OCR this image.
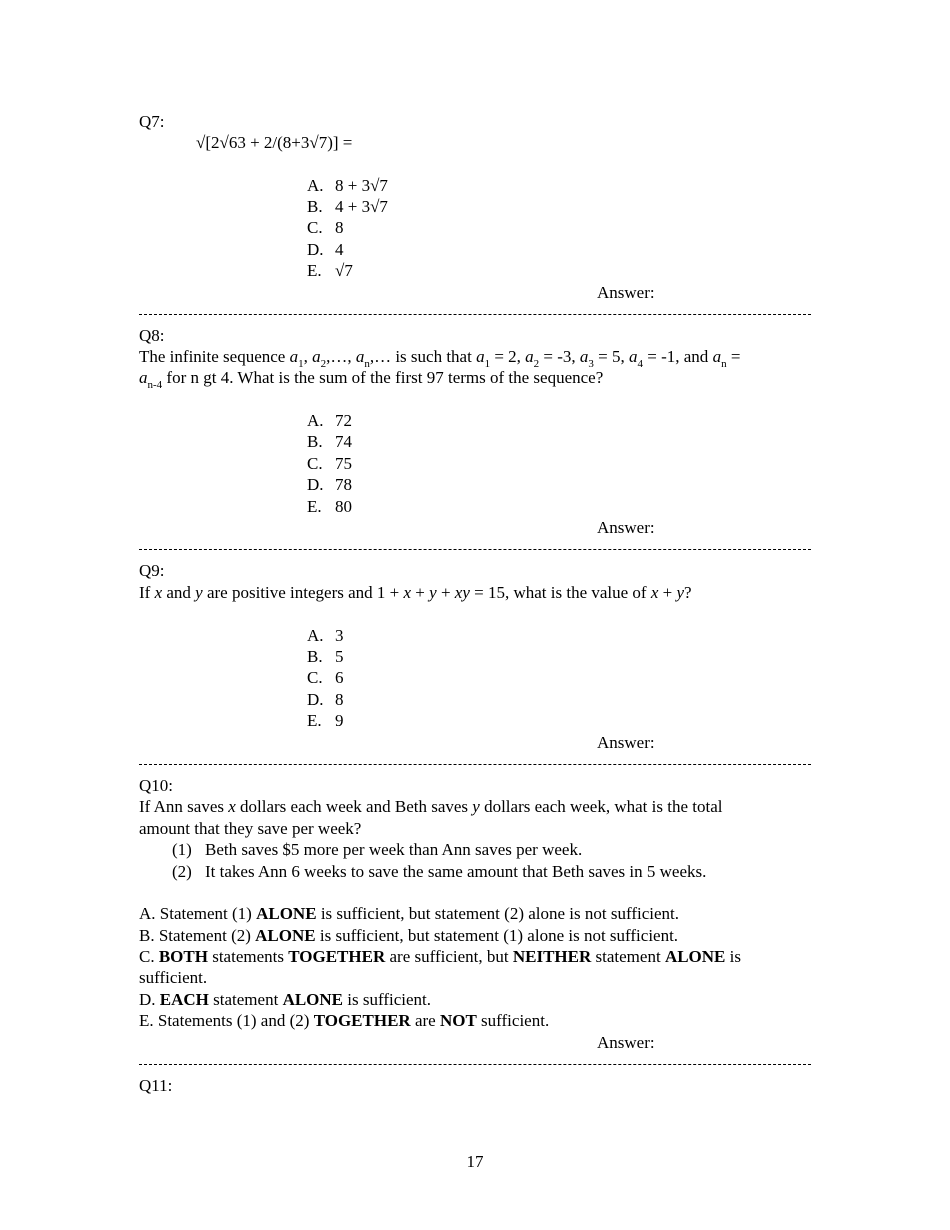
Q7:
√[2√63 + 2/(8+3√7)] =
A. 8 + 3√7
B. 4 + 3√7
C. 8
D. 4
E. √7
Answer:
Q8:
The infinite sequence $a_1$, $a_2,\dots$, $a_n,\dots$ is such that $a_1 = 2$, $a_2 = -3$, $a_3 = 5$, $a_4 = -1$, and $a_n$ =
$a_{n-4}$ for n gt 4. What is the sum of the first 97 terms of the sequence?
A. 72
B. 74
C. 75
D. 78
E. 80
Answer:
Q9:
If x and y are positive integers and 1 + x + y + xy = 15, what is the value of x + y?
A. 3
B. 5
C. 6
D. 8
E. 9
Answer:
Q10:
If Ann saves x dollars each week and Beth saves y dollars each week, what is the total
amount that they save per week?
(1) Beth saves $5 more per week than Ann saves per week.
(2) It takes Ann 6 weeks to save the same amount that Beth saves in 5 weeks.
A. Statement (1) ALONE is sufficient, but statement (2) alone is not sufficient.
B. Statement (2) ALONE is sufficient, but statement (1) alone is not sufficient.
C. BOTH statements TOGETHER are sufficient, but NEITHER statement ALONE is
sufficient.
D. EACH statement ALONE is sufficient.
E. Statements (1) and (2) TOGETHER are NOT sufficient.
Answer:
Q11:
17
